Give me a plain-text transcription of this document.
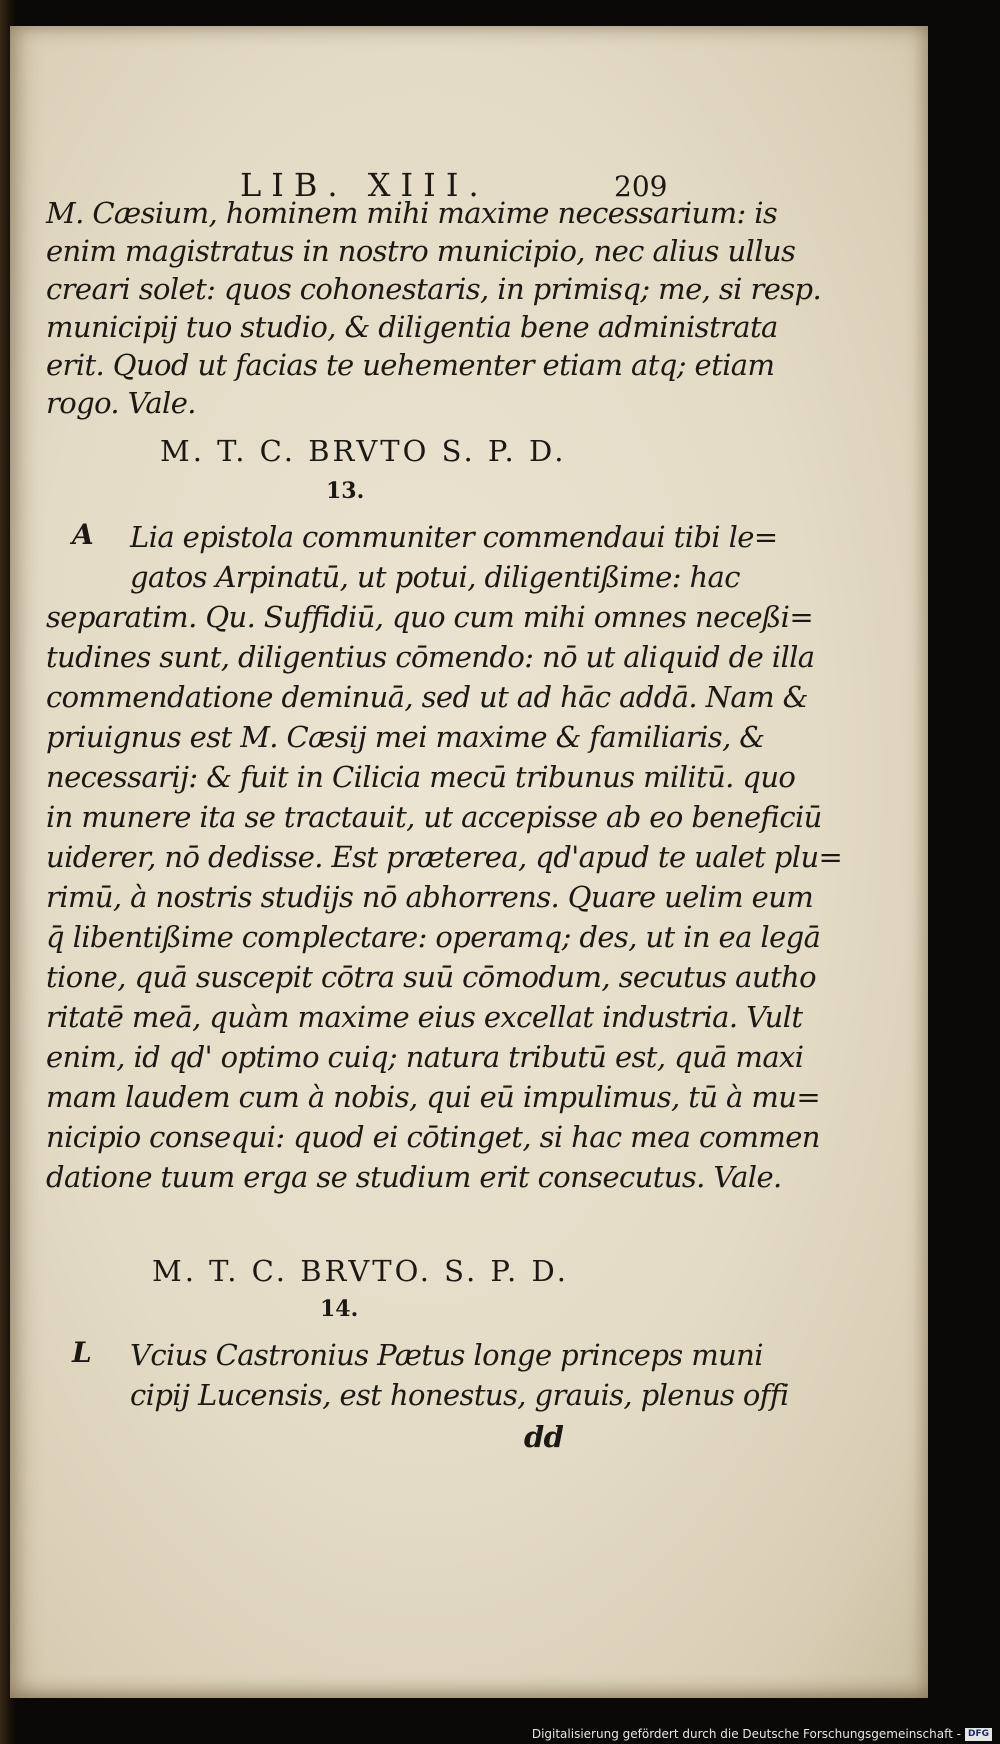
LIB. XIII.	209
M. Cæsium, hominem mihi maxime necessarium: is
enim magistratus in nostro municipio, nec alius ullus
creari solet: quos cohonestaris, in primisq; me, si resp.
municipij tuo studio, & diligentia bene administrata
erit. Quod ut facias te uehementer etiam atq; etiam
rogo. Vale.
M. T. C. BRVTO S. P. D.
13.
A Lia epistola communiter commendaui tibi le=
gatos Arpinatū, ut potui, diligentißime: hac
separatim. Qu. Suffidiū, quo cum mihi omnes neceßi=
tudines sunt, diligentius cōmendo: nō ut aliquid de illa
commendatione deminuā, sed ut ad hāc addā. Nam &
priuignus est M. Cæsij mei maxime & familiaris, &
necessarij: & fuit in Cilicia mecū tribunus militū. quo
in munere ita se tractauit, ut accepisse ab eo beneficiū
uiderer, nō dedisse. Est præterea, qd'apud te ualet plu=
rimū, à nostris studijs nō abhorrens. Quare uelim eum
q̄ libentißime complectare: operamq; des, ut in ea legā
tione, quā suscepit cōtra suū cōmodum, secutus autho
ritatē meā, quàm maxime eius excellat industria. Vult
enim, id qd' optimo cuiq; natura tributū est, quā maxi
mam laudem cum à nobis, qui eū impulimus, tū à mu=
nicipio consequi: quod ei cōtinget, si hac mea commen
datione tuum erga se studium erit consecutus. Vale.
M. T. C. BRVTO. S. P. D.
14.
L Vcius Castronius Pætus longe princeps muni
cipij Lucensis, est honestus, grauis, plenus offi
dd
Digitalisierung gefördert durch die Deutsche Forschungsgemeinschaft - DFG
